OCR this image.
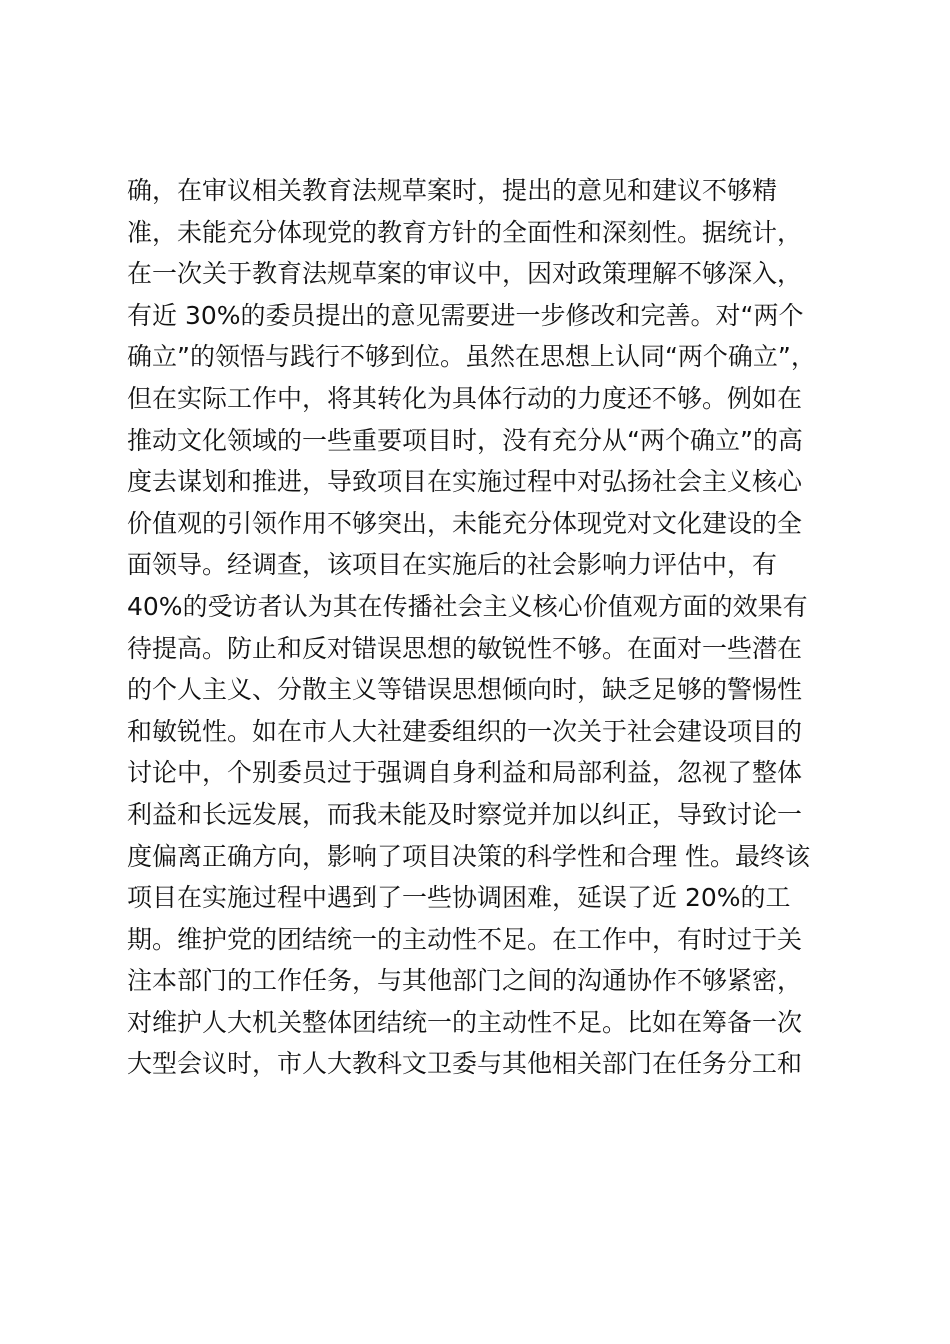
确，在审议相关教育法规草案时，提出的意见和建议不够精
准，未能充分体现党的教育方针的全面性和深刻性。据统计，
在一次关于教育法规草案的审议中，因对政策理解不够深入，
有近 30%的委员提出的意见需要进一步修改和完善。对“两个
确立”的领悟与践行不够到位。虽然在思想上认同“两个确立”，
但在实际工作中，将其转化为具体行动的力度还不够。例如在
推动文化领域的一些重要项目时，没有充分从“两个确立”的高
度去谋划和推进，导致项目在实施过程中对弘扬社会主义核心
价值观的引领作用不够突出，未能充分体现党对文化建设的全
面领导。经调查，该项目在实施后的社会影响力评估中，有
40%的受访者认为其在传播社会主义核心价值观方面的效果有
待提高。防止和反对错误思想的敏锐性不够。在面对一些潜在
的个人主义、分散主义等错误思想倾向时，缺乏足够的警惕性
和敏锐性。如在市人大社建委组织的一次关于社会建设项目的
讨论中，个别委员过于强调自身利益和局部利益，忽视了整体
利益和长远发展，而我未能及时察觉并加以纠正，导致讨论一
度偏离正确方向，影响了项目决策的科学性和合理 性。最终该
项目在实施过程中遇到了一些协调困难，延误了近 20%的工
期。维护党的团结统一的主动性不足。在工作中，有时过于关
注本部门的工作任务，与其他部门之间的沟通协作不够紧密，
对维护人大机关整体团结统一的主动性不足。比如在筹备一次
大型会议时，市人大教科文卫委与其他相关部门在任务分工和
